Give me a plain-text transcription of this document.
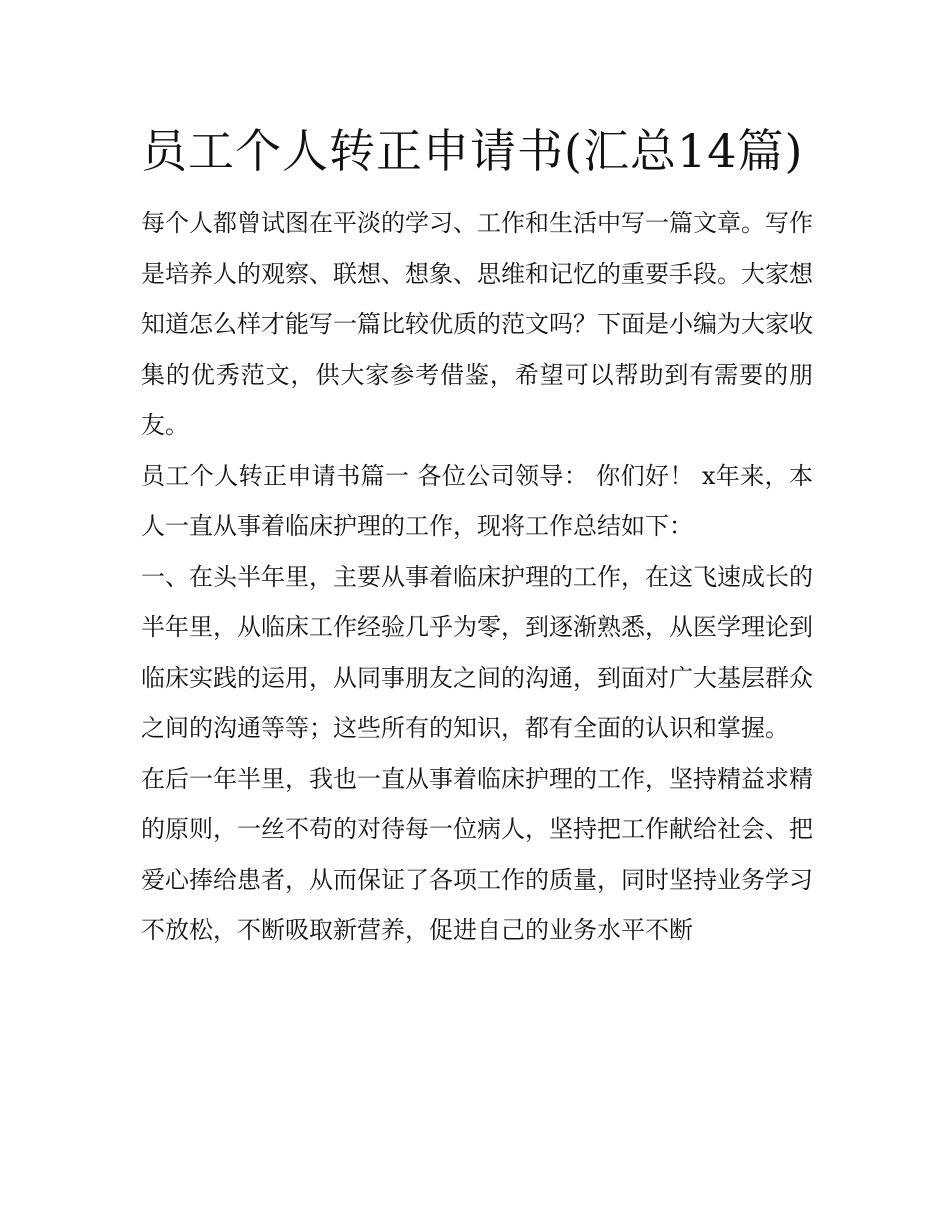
员工个人转正申请书(汇总14篇)

每个人都曾试图在平淡的学习、工作和生活中写一篇文章。写作是培养人的观察、联想、想象、思维和记忆的重要手段。大家想知道怎么样才能写一篇比较优质的范文吗？下面是小编为大家收集的优秀范文，供大家参考借鉴，希望可以帮助到有需要的朋友。

员工个人转正申请书篇一 各位公司领导： 你们好！ x年来，本人一直从事着临床护理的工作，现将工作总结如下：

一、在头半年里，主要从事着临床护理的工作，在这飞速成长的半年里，从临床工作经验几乎为零，到逐渐熟悉，从医学理论到临床实践的运用，从同事朋友之间的沟通，到面对广大基层群众之间的沟通等等；这些所有的知识，都有全面的认识和掌握。

在后一年半里，我也一直从事着临床护理的工作，坚持精益求精的原则，一丝不苟的对待每一位病人，坚持把工作献给社会、把爱心捧给患者，从而保证了各项工作的质量，同时坚持业务学习不放松，不断吸取新营养，促进自己的业务水平不断
